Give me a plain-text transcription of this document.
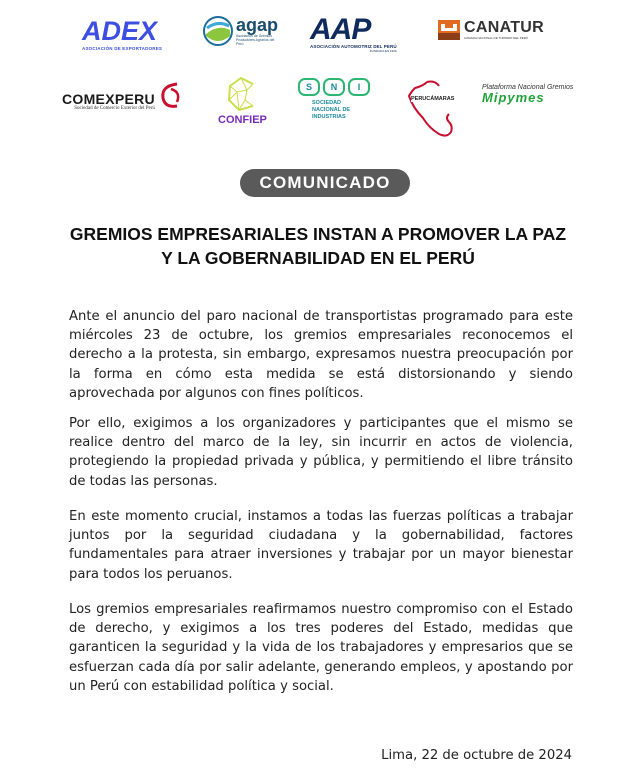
ADEX
ASOCIACIÓN DE EXPORTADORES
agap
Asociación de Gremios Productores Agrarios del Perú	AAP
ASOCIACIÓN AUTOMOTRIZ DEL PERÚ
FUNDADA EN 1926
CANATUR
CÁMARA NACIONAL DE TURISMO DEL PERÚ
COMEXPERU
Sociedad de Comercio Exterior del Perú
CONFIEP
S	N	I
SOCIEDAD
NACIONAL DE
INDUSTRIAS
PERUCÁMARAS
Plataforma Nacional Gremios
Mipymes
COMUNICADO
GREMIOS EMPRESARIALES INSTAN A PROMOVER LA PAZ
Y LA GOBERNABILIDAD EN EL PERÚ
Ante el anuncio del paro nacional de transportistas programado para este miércoles 23 de octubre, los gremios empresariales reconocemos el derecho a la protesta, sin embargo, expresamos nuestra preocupación por la forma en cómo esta medida se está distorsionando y siendo aprovechada por algunos con fines políticos.
Por ello, exigimos a los organizadores y participantes que el mismo se realice dentro del marco de la ley, sin incurrir en actos de violencia, protegiendo la propiedad privada y pública, y permitiendo el libre tránsito de todas las personas.
En este momento crucial, instamos a todas las fuerzas políticas a trabajar juntos por la seguridad ciudadana y la gobernabilidad, factores fundamentales para atraer inversiones y trabajar por un mayor bienestar para todos los peruanos.
Los gremios empresariales reafirmamos nuestro compromiso con el Estado de derecho, y exigimos a los tres poderes del Estado, medidas que garanticen la seguridad y la vida de los trabajadores y empresarios que se esfuerzan cada día por salir adelante, generando empleos, y apostando por un Perú con estabilidad política y social.
Lima, 22 de octubre de 2024
